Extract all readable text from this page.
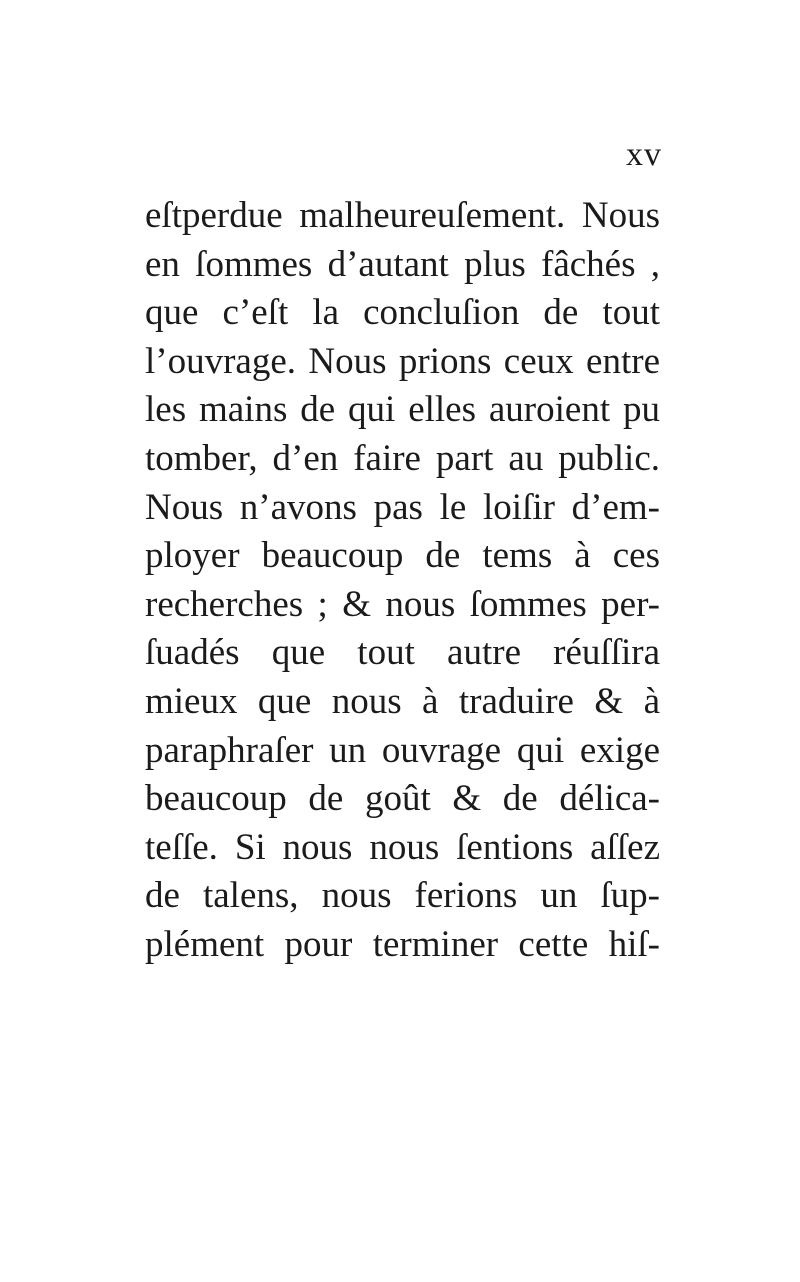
xv
eſtperdue malheureuſement. Nous
en ſommes d’autant plus fâchés ,
que c’eſt la concluſion de tout
l’ouvrage. Nous prions ceux entre
les mains de qui elles auroient pu
tomber, d’en faire part au public.
Nous n’avons pas le loiſir d’em-
ployer beaucoup de tems à ces
recherches ; & nous ſommes per-
ſuadés que tout autre réuſſira
mieux que nous à traduire & à
paraphraſer un ouvrage qui exige
beaucoup de goût & de délica-
teſſe. Si nous nous ſentions aſſez
de talens, nous ferions un ſup-
plément pour terminer cette hiſ-
